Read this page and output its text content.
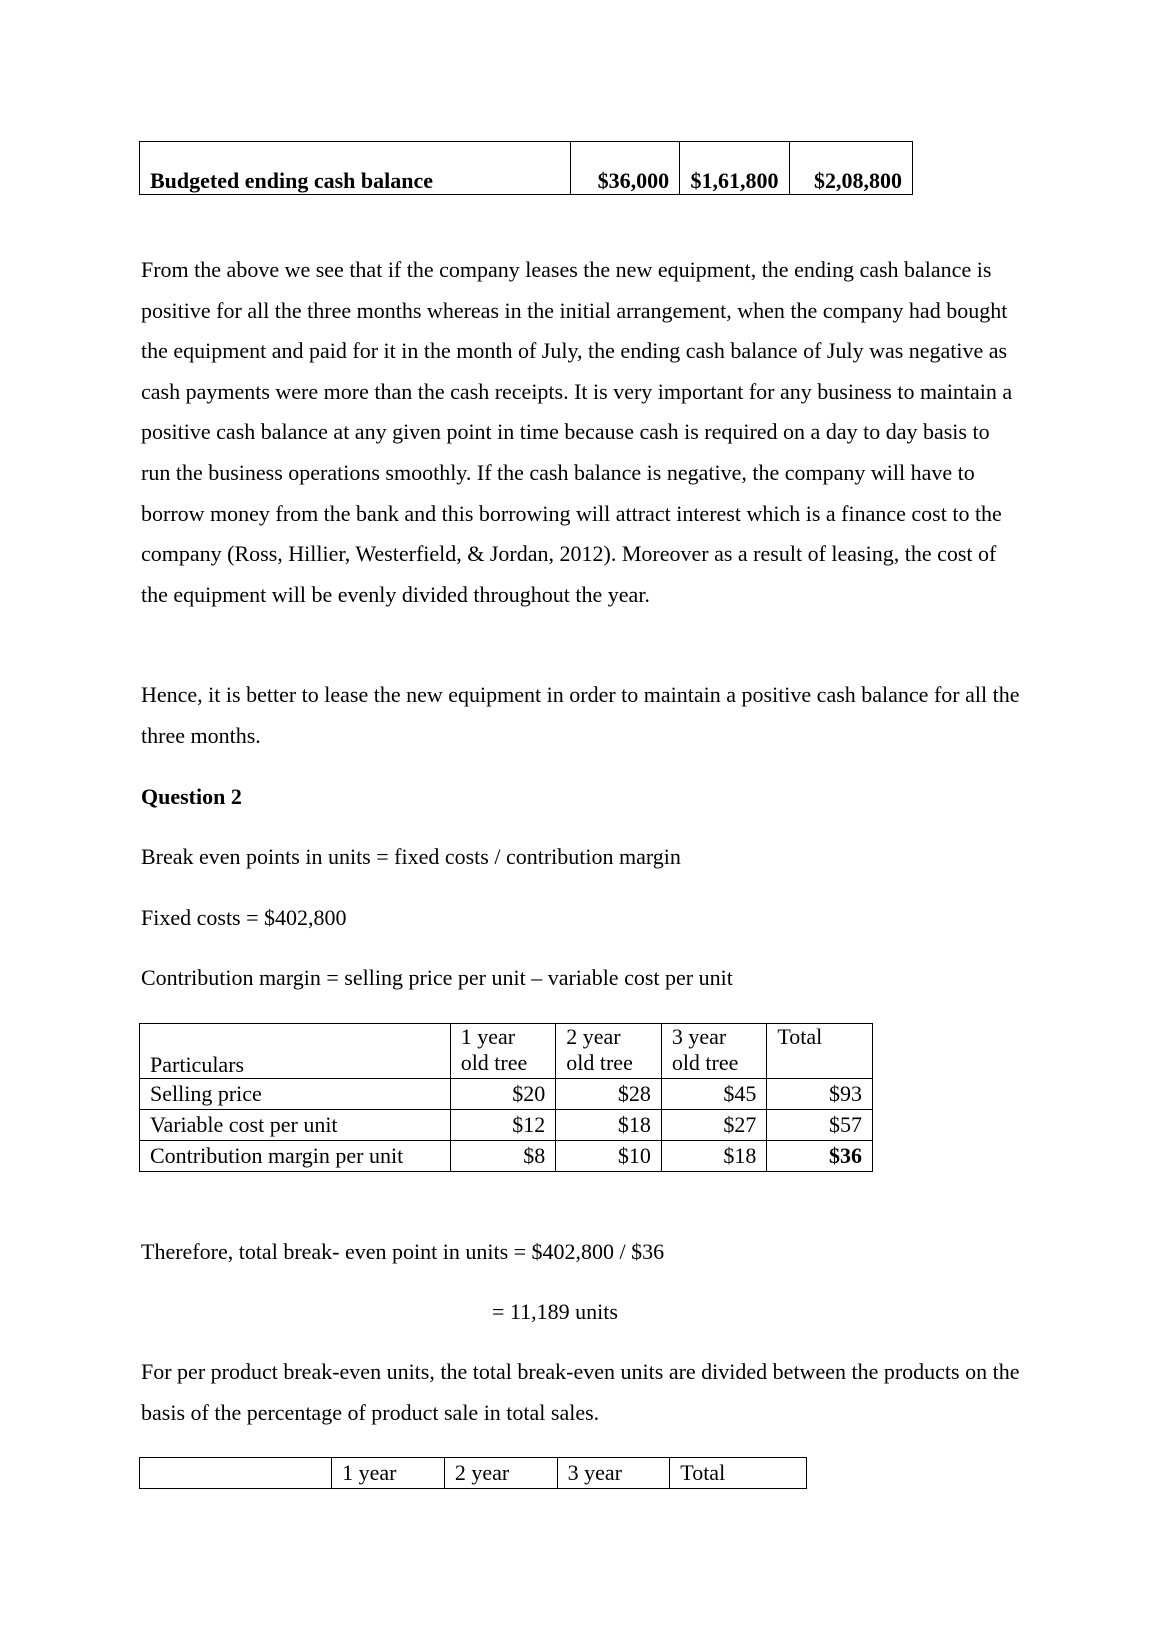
Budgeted ending cash balance	$36,000	$1,61,800	$2,08,800

From the above we see that if the company leases the new equipment, the ending cash balance is positive for all the three months whereas in the initial arrangement, when the company had bought the equipment and paid for it in the month of July, the ending cash balance of July was negative as cash payments were more than the cash receipts. It is very important for any business to maintain a positive cash balance at any given point in time because cash is required on a day to day basis to run the business operations smoothly. If the cash balance is negative, the company will have to borrow money from the bank and this borrowing will attract interest which is a finance cost to the company (Ross, Hillier, Westerfield, & Jordan, 2012). Moreover as a result of leasing, the cost of the equipment will be evenly divided throughout the year.

Hence, it is better to lease the new equipment in order to maintain a positive cash balance for all the three months.

Question 2

Break even points in units = fixed costs / contribution margin

Fixed costs = $402,800

Contribution margin = selling price per unit – variable cost per unit

Particulars	1 year old tree	2 year old tree	3 year old tree	Total
Selling price	$20	$28	$45	$93
Variable cost per unit	$12	$18	$27	$57
Contribution margin per unit	$8	$10	$18	$36

Therefore, total break- even point in units = $402,800 / $36

= 11,189 units

For per product break-even units, the total break-even units are divided between the products on the basis of the percentage of product sale in total sales.

	1 year	2 year	3 year	Total
